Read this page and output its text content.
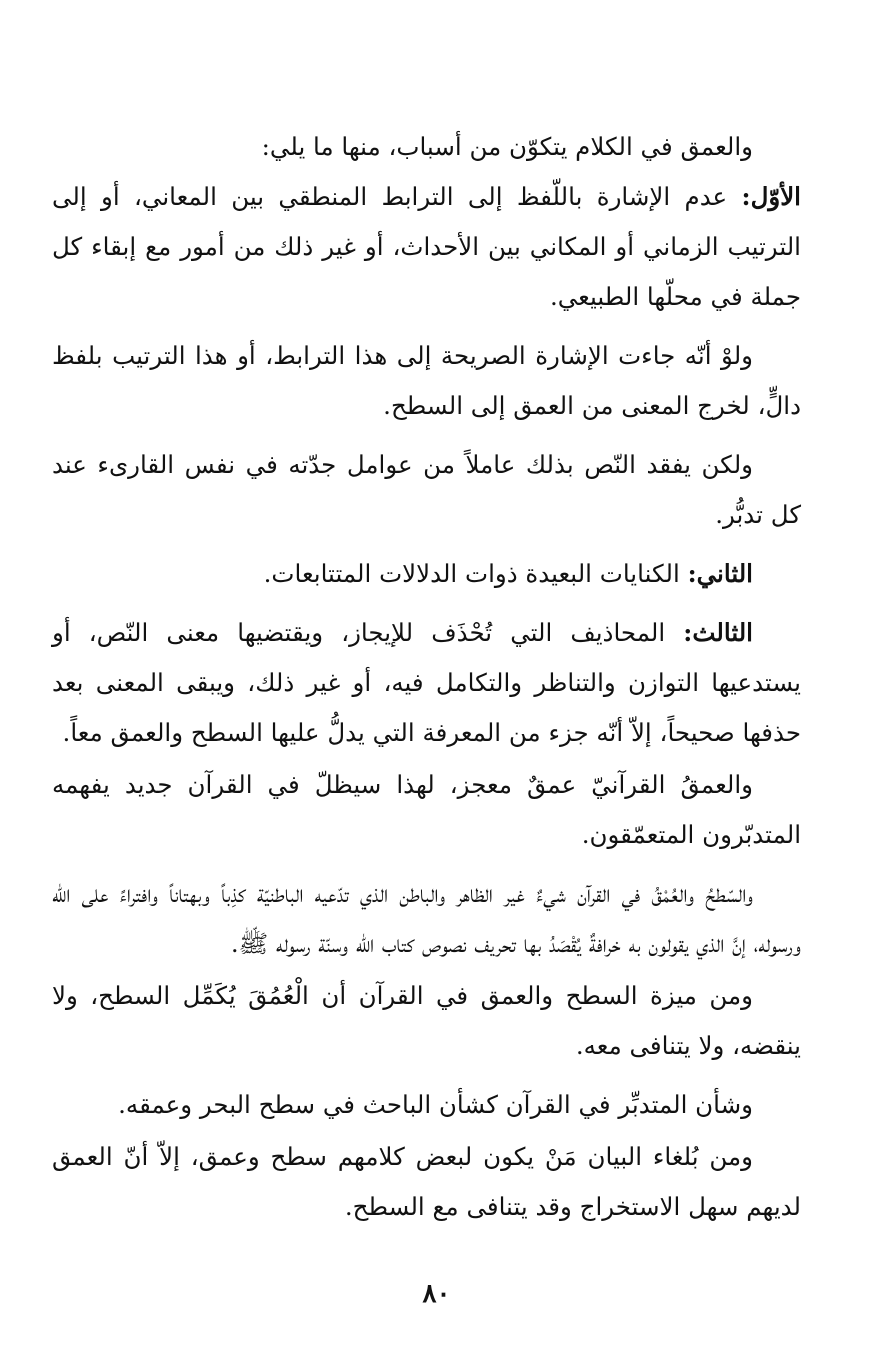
والعمق في الكلام يتكوّن من أسباب، منها ما يلي:

الأوّل: عدم الإشارة باللّفظ إلى الترابط المنطقي بين المعاني، أو إلى الترتيب الزماني أو المكاني بين الأحداث، أو غير ذلك من أمور مع إبقاء كل جملة في محلّها الطبيعي.

ولوْ أنّه جاءت الإشارة الصريحة إلى هذا الترابط، أو هذا الترتيب بلفظ دالٍّ، لخرج المعنى من العمق إلى السطح.

ولكن يفقد النّص بذلك عاملاً من عوامل جدّته في نفس القارىء عند كل تدبُّر.

الثاني: الكنايات البعيدة ذوات الدلالات المتتابعات.

الثالث: المحاذيف التي تُحْذَف للإيجاز، ويقتضيها معنى النّص، أو يستدعيها التوازن والتناظر والتكامل فيه، أو غير ذلك، ويبقى المعنى بعد حذفها صحيحاً، إلاّ أنّه جزء من المعرفة التي يدلُّ عليها السطح والعمق معاً.

والعمقُ القرآنيّ عمقٌ معجز، لهذا سيظلّ في القرآن جديد يفهمه المتدبّرون المتعمّقون.

والسّطحُ والعُمْقُ في القرآن شيءٌ غير الظاهر والباطن الذي تدّعيه الباطنيّة كذِباً وبهتاناً وافتراءً على الله ورسوله، إنَّ الذي يقولون به خرافةٌ يُقْصَدُ بها تحريف نصوص كتاب الله وسنّة رسوله ﷺ.

ومن ميزة السطح والعمق في القرآن أن الْعُمُقَ يُكَمِّل السطح، ولا ينقضه، ولا يتنافى معه.

وشأن المتدبِّر في القرآن كشأن الباحث في سطح البحر وعمقه.

ومن بُلغاء البيان مَنْ يكون لبعض كلامهم سطح وعمق، إلاّ أنّ العمق لديهم سهل الاستخراج وقد يتنافى مع السطح.

٨٠
